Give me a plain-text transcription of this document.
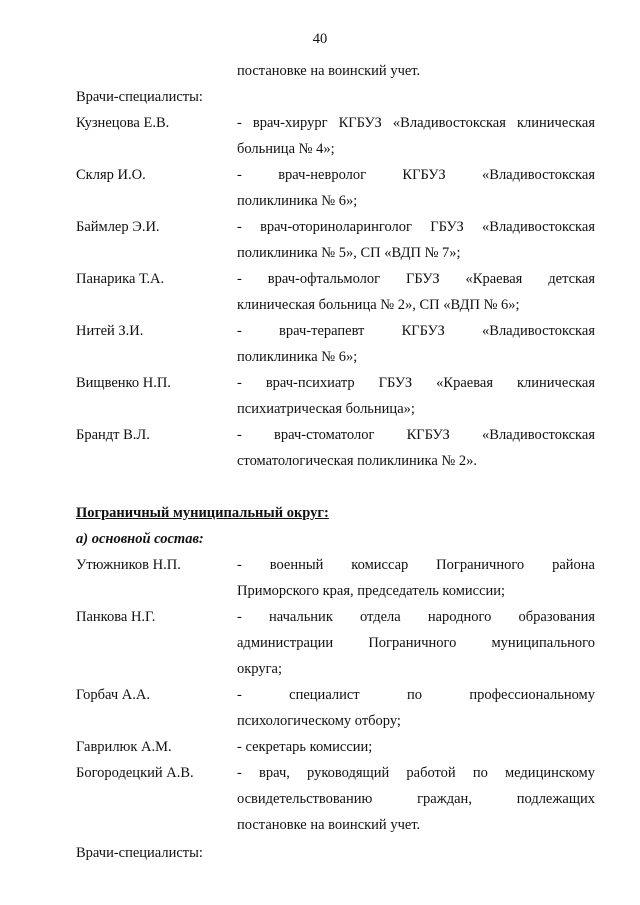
40
постановке на воинский учет.
Врачи-специалисты:
Кузнецова Е.В.	- врач-хирург КГБУЗ «Владивостокская клиническая
больница № 4»;
Скляр И.О.	- врач-невролог КГБУЗ «Владивостокская
поликлиника № 6»;
Баймлер Э.И.	- врач-оториноларинголог ГБУЗ «Владивостокская
поликлиника № 5», СП «ВДП № 7»;
Панарика Т.А.	- врач-офтальмолог ГБУЗ «Краевая детская
клиническая больница № 2», СП «ВДП № 6»;
Нитей З.И.	- врач-терапевт КГБУЗ «Владивостокская
поликлиника № 6»;
Вищвенко Н.П.	- врач-психиатр ГБУЗ «Краевая клиническая
психиатрическая больница»;
Брандт В.Л.	- врач-стоматолог КГБУЗ «Владивостокская
стоматологическая поликлиника № 2».
Пограничный муниципальный округ:
а) основной состав:
Утюжников Н.П.	- военный комиссар Пограничного района
Приморского края, председатель комиссии;
Панкова Н.Г.	- начальник отдела народного образования
администрации Пограничного муниципального
округа;
Горбач А.А.	- специалист по профессиональному
психологическому отбору;
Гаврилюк А.М.	- секретарь комиссии;
Богородецкий А.В.	- врач, руководящий работой по медицинскому
освидетельствованию граждан, подлежащих
постановке на воинский учет.
Врачи-специалисты:
